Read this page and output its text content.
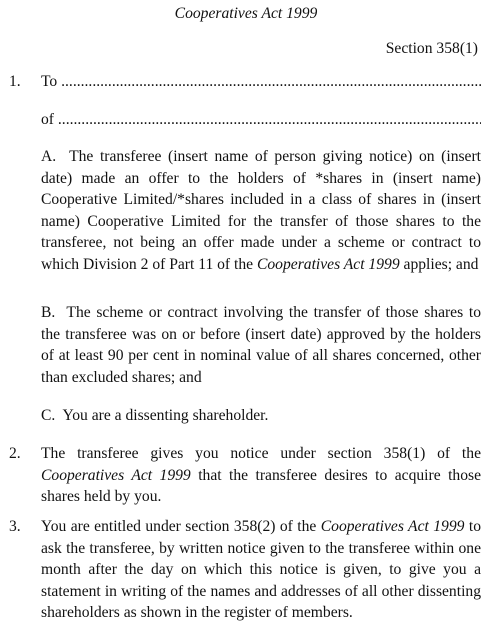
Cooperatives Act 1999
Section 358(1)
1. To .....
of .....
A. The transferee (insert name of person giving notice) on (insert date) made an offer to the holders of *shares in (insert name) Cooperative Limited/*shares included in a class of shares in (insert name) Cooperative Limited for the transfer of those shares to the transferee, not being an offer made under a scheme or contract to which Division 2 of Part 11 of the Cooperatives Act 1999 applies; and
B. The scheme or contract involving the transfer of those shares to the transferee was on or before (insert date) approved by the holders of at least 90 per cent in nominal value of all shares concerned, other than excluded shares; and
C. You are a dissenting shareholder.
2. The transferee gives you notice under section 358(1) of the Cooperatives Act 1999 that the transferee desires to acquire those shares held by you.
3. You are entitled under section 358(2) of the Cooperatives Act 1999 to ask the transferee, by written notice given to the transferee within one month after the day on which this notice is given, to give you a statement in writing of the names and addresses of all other dissenting shareholders as shown in the register of members.
